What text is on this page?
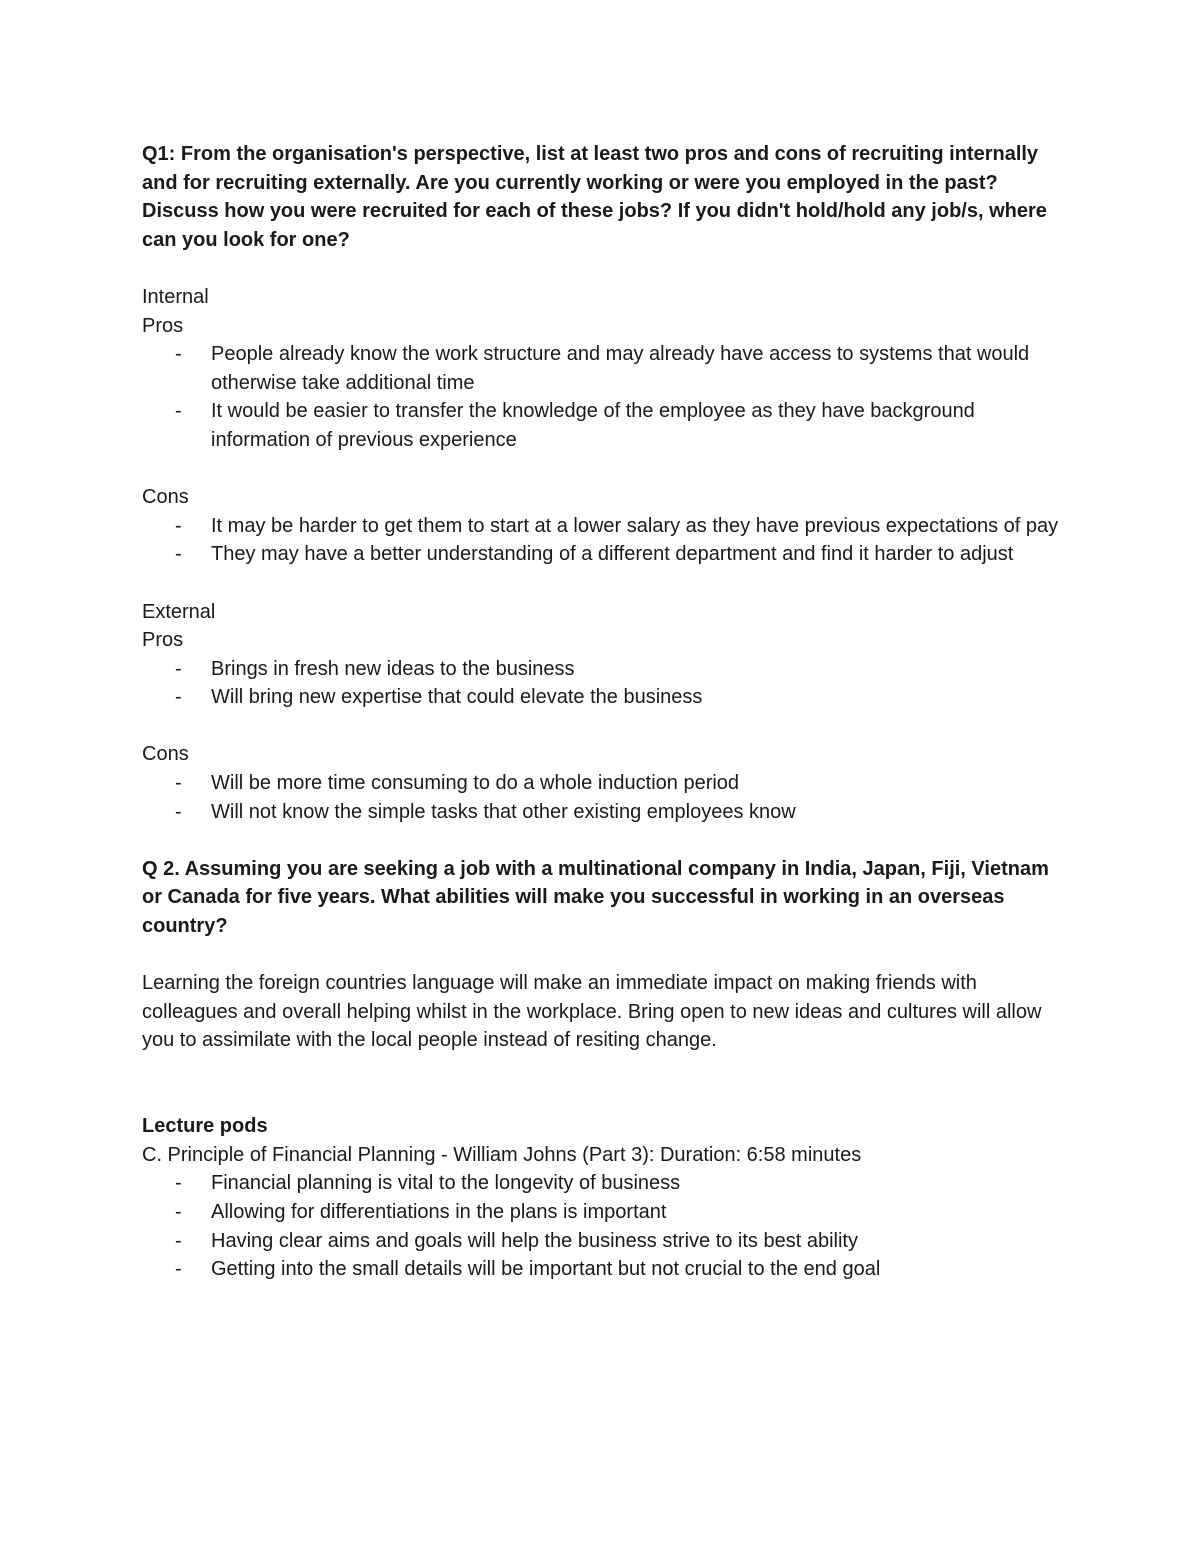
Q1: From the organisation's perspective, list at least two pros and cons of recruiting internally and for recruiting externally. Are you currently working or were you employed in the past? Discuss how you were recruited for each of these jobs? If you didn't hold/hold any job/s, where can you look for one?

Internal

Pros

- People already know the work structure and may already have access to systems that would otherwise take additional time
- It would be easier to transfer the knowledge of the employee as they have background information of previous experience

Cons

- It may be harder to get them to start at a lower salary as they have previous expectations of pay
- They may have a better understanding of a different department and find it harder to adjust

External

Pros

- Brings in fresh new ideas to the business
- Will bring new expertise that could elevate the business

Cons

- Will be more time consuming to do a whole induction period
- Will not know the simple tasks that other existing employees know

Q 2. Assuming you are seeking a job with a multinational company in India, Japan, Fiji, Vietnam or Canada for five years. What abilities will make you successful in working in an overseas country?

Learning the foreign countries language will make an immediate impact on making friends with colleagues and overall helping whilst in the workplace. Bring open to new ideas and cultures will allow you to assimilate with the local people instead of resiting change.

Lecture pods

C. Principle of Financial Planning - William Johns (Part 3): Duration: 6:58 minutes

- Financial planning is vital to the longevity of business
- Allowing for differentiations in the plans is important
- Having clear aims and goals will help the business strive to its best ability
- Getting into the small details will be important but not crucial to the end goal
